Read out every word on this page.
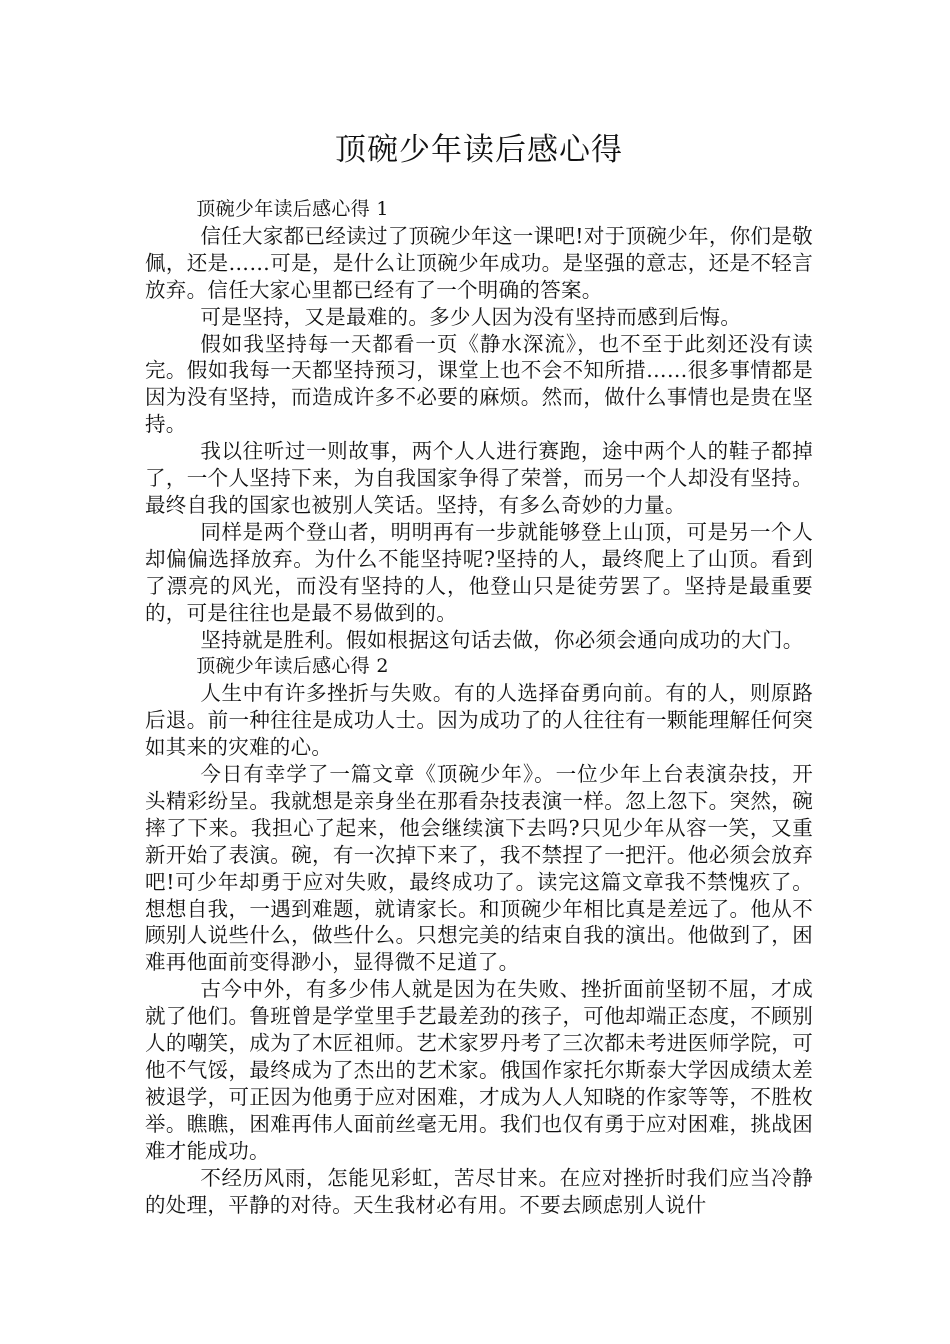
顶碗少年读后感心得

顶碗少年读后感心得 1

信任大家都已经读过了顶碗少年这一课吧!对于顶碗少年，你们是敬佩，还是……可是，是什么让顶碗少年成功。是坚强的意志，还是不轻言放弃。信任大家心里都已经有了一个明确的答案。

可是坚持，又是最难的。多少人因为没有坚持而感到后悔。

假如我坚持每一天都看一页《静水深流》，也不至于此刻还没有读完。假如我每一天都坚持预习，课堂上也不会不知所措……很多事情都是因为没有坚持，而造成许多不必要的麻烦。然而，做什么事情也是贵在坚持。

我以往听过一则故事，两个人人进行赛跑，途中两个人的鞋子都掉了，一个人坚持下来，为自我国家争得了荣誉，而另一个人却没有坚持。最终自我的国家也被别人笑话。坚持，有多么奇妙的力量。

同样是两个登山者，明明再有一步就能够登上山顶，可是另一个人却偏偏选择放弃。为什么不能坚持呢?坚持的人，最终爬上了山顶。看到了漂亮的风光，而没有坚持的人，他登山只是徒劳罢了。坚持是最重要的，可是往往也是最不易做到的。

坚持就是胜利。假如根据这句话去做，你必须会通向成功的大门。

顶碗少年读后感心得 2

人生中有许多挫折与失败。有的人选择奋勇向前。有的人，则原路后退。前一种往往是成功人士。因为成功了的人往往有一颗能理解任何突如其来的灾难的心。

今日有幸学了一篇文章《顶碗少年》。一位少年上台表演杂技，开头精彩纷呈。我就想是亲身坐在那看杂技表演一样。忽上忽下。突然，碗摔了下来。我担心了起来，他会继续演下去吗?只见少年从容一笑，又重新开始了表演。碗，有一次掉下来了，我不禁捏了一把汗。他必须会放弃吧!可少年却勇于应对失败，最终成功了。读完这篇文章我不禁愧疚了。想想自我，一遇到难题，就请家长。和顶碗少年相比真是差远了。他从不顾别人说些什么，做些什么。只想完美的结束自我的演出。他做到了，困难再他面前变得渺小，显得微不足道了。

古今中外，有多少伟人就是因为在失败、挫折面前坚韧不屈，才成就了他们。鲁班曾是学堂里手艺最差劲的孩子，可他却端正态度，不顾别人的嘲笑，成为了木匠祖师。艺术家罗丹考了三次都未考进医师学院，可他不气馁，最终成为了杰出的艺术家。俄国作家托尔斯泰大学因成绩太差被退学，可正因为他勇于应对困难，才成为人人知晓的作家等等，不胜枚举。瞧瞧，困难再伟人面前丝毫无用。我们也仅有勇于应对困难，挑战困难才能成功。

不经历风雨，怎能见彩虹，苦尽甘来。在应对挫折时我们应当冷静的处理，平静的对待。天生我材必有用。不要去顾虑别人说什
